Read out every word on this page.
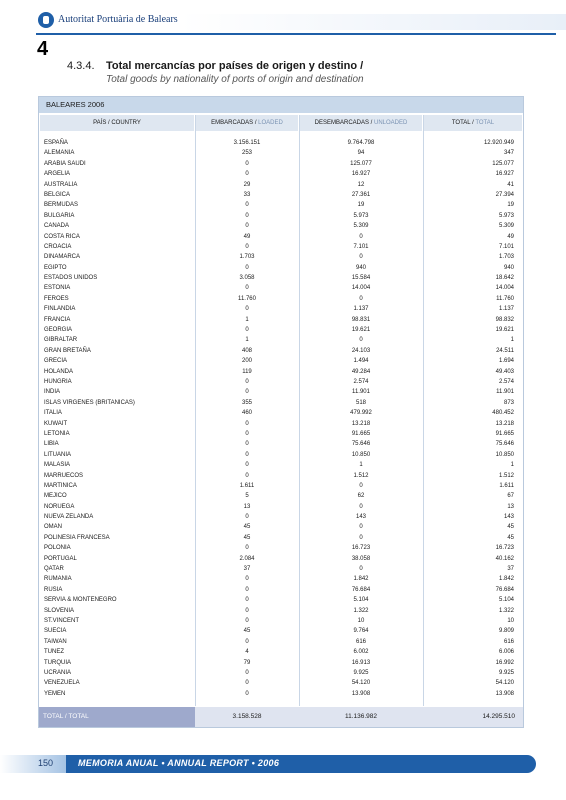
Autoritat Portuària de Balears
4
4.3.4. Total mercancías por países de origen y destino /
Total goods by nationality of ports of origin and destination
BALEARES 2006
PAÍS / COUNTRY	EMBARCADAS / LOADED	DESEMBARCADAS / UNLOADED	TOTAL / TOTAL
ESPAÑA	3.156.151	9.764.798	12.920.949
ALEMANIA	253	94	347
ARABIA SAUDI	0	125.077	125.077
ARGELIA	0	16.927	16.927
AUSTRALIA	29	12	41
BELGICA	33	27.361	27.394
BERMUDAS	0	19	19
BULGARIA	0	5.973	5.973
CANADA	0	5.309	5.309
COSTA RICA	49	0	49
CROACIA	0	7.101	7.101
DINAMARCA	1.703	0	1.703
EGIPTO	0	940	940
ESTADOS UNIDOS	3.058	15.584	18.642
ESTONIA	0	14.004	14.004
FEROES	11.760	0	11.760
FINLANDIA	0	1.137	1.137
FRANCIA	1	98.831	98.832
GEORGIA	0	19.621	19.621
GIBRALTAR	1	0	1
GRAN BRETAÑA	408	24.103	24.511
GRECIA	200	1.494	1.694
HOLANDA	119	49.284	49.403
HUNGRIA	0	2.574	2.574
INDIA	0	11.901	11.901
ISLAS VIRGENES (BRITANICAS)	355	518	873
ITALIA	460	479.992	480.452
KUWAIT	0	13.218	13.218
LETONIA	0	91.665	91.665
LIBIA	0	75.646	75.646
LITUANIA	0	10.850	10.850
MALASIA	0	1	1
MARRUECOS	0	1.512	1.512
MARTINICA	1.611	0	1.611
MEJICO	5	62	67
NORUEGA	13	0	13
NUEVA ZELANDA	0	143	143
OMAN	45	0	45
POLINESIA FRANCESA	45	0	45
POLONIA	0	16.723	16.723
PORTUGAL	2.084	38.058	40.162
QATAR	37	0	37
RUMANIA	0	1.842	1.842
RUSIA	0	76.684	76.684
SERVIA & MONTENEGRO	0	5.104	5.104
SLOVENIA	0	1.322	1.322
ST.VINCENT	0	10	10
SUECIA	45	9.764	9.809
TAIWAN	0	616	616
TUNEZ	4	6.002	6.006
TURQUIA	79	16.913	16.992
UCRANIA	0	9.925	9.925
VENEZUELA	0	54.120	54.120
YEMEN	0	13.908	13.908
TOTAL / TOTAL	3.158.528	11.136.982	14.295.510
150	MEMORIA ANUAL • ANNUAL REPORT • 2006
